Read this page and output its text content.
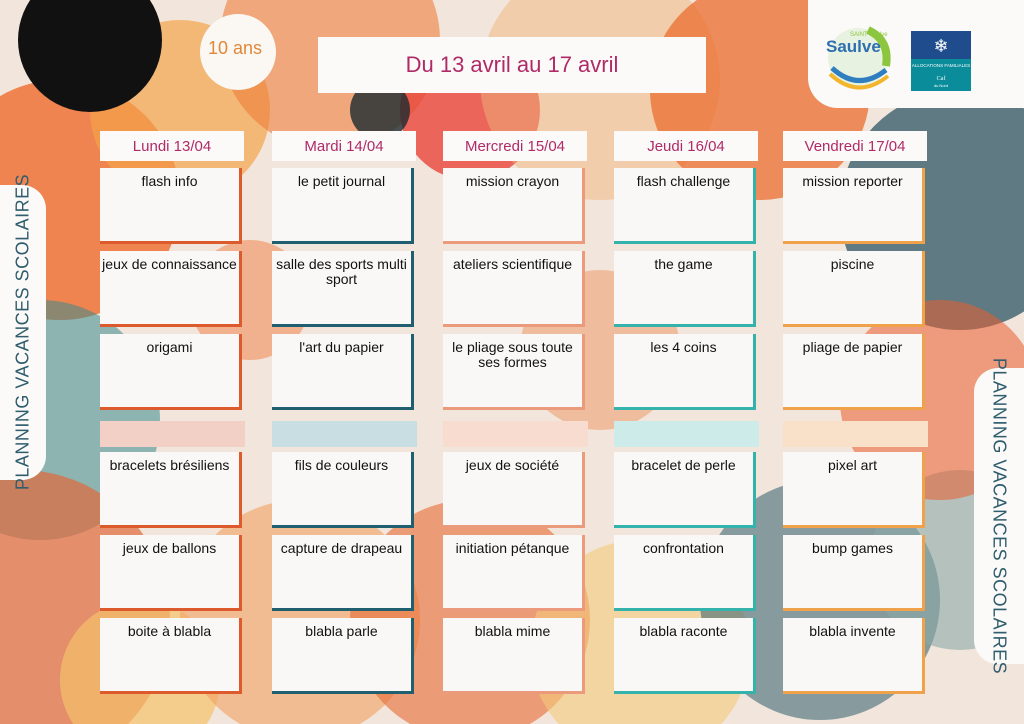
10 ans
Du 13 avril au 17 avril
SAINT Saulve
Saulve	❄
ALLOCATIONS FAMILIALES
Caf
du Nord
PLANNING VACANCES SCOLAIRES
PLANNING VACANCES SCOLAIRES
Lundi 13/04
flash info
jeux de connaissance
origami
bracelets brésiliens
jeux de ballons
boite à blabla
Mardi 14/04
le petit journal
salle des sports multi sport
l'art du papier
fils de couleurs
capture de drapeau
blabla parle
Mercredi 15/04
mission crayon
ateliers scientifique
le pliage sous toute ses formes
jeux de société
initiation pétanque
blabla mime
Jeudi 16/04
flash challenge
the game
les 4 coins
bracelet de perle
confrontation
blabla raconte
Vendredi 17/04
mission reporter
piscine
pliage de papier
pixel art
bump games
blabla invente
